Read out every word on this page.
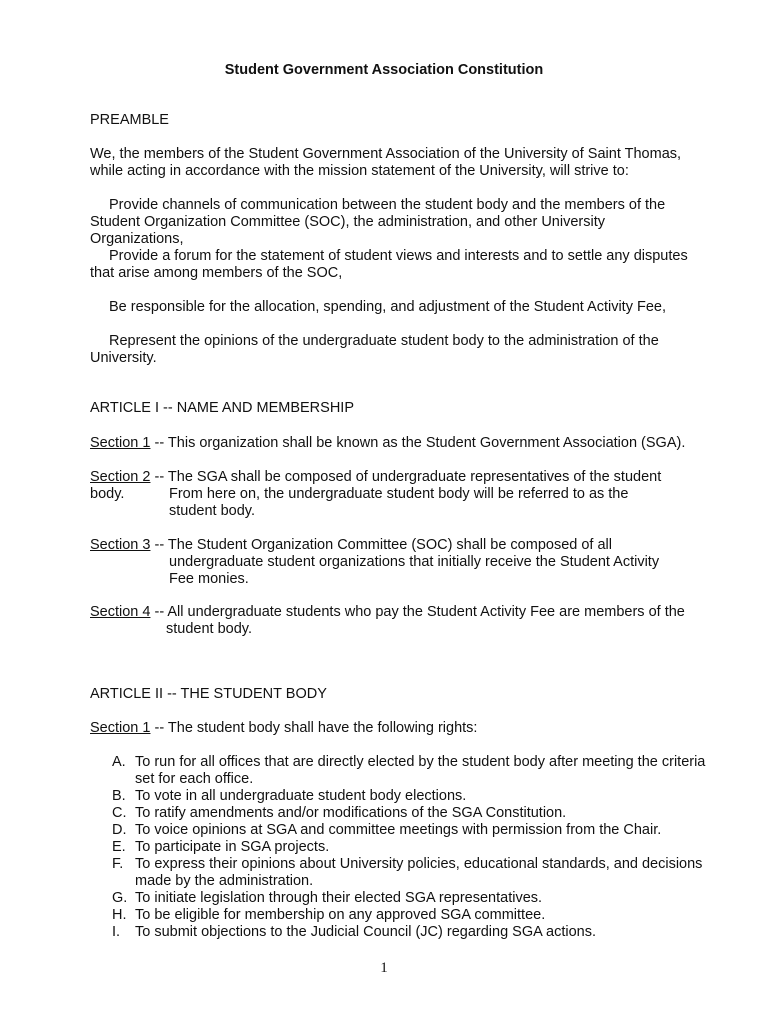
Student Government Association Constitution

PREAMBLE

We, the members of the Student Government Association of the University of Saint Thomas, while acting in accordance with the mission statement of the University, will strive to:

Provide channels of communication between the student body and the members of the Student Organization Committee (SOC), the administration, and other University Organizations,

Provide a forum for the statement of student views and interests and to settle any disputes that arise among members of the SOC,

Be responsible for the allocation, spending, and adjustment of the Student Activity Fee,

Represent the opinions of the undergraduate student body to the administration of the University.

ARTICLE I -- NAME AND MEMBERSHIP

Section 1 -- This organization shall be known as the Student Government Association (SGA).

Section 2 -- The SGA shall be composed of undergraduate representatives of the student body.	From here on, the undergraduate student body will be referred to as the student body.

Section 3 -- The Student Organization Committee (SOC) shall be composed of all

undergraduate student organizations that initially receive the Student Activity Fee monies.

Section 4 -- All undergraduate students who pay the Student Activity Fee are members of the

student body.

ARTICLE II -- THE STUDENT BODY

Section 1 -- The student body shall have the following rights:

A. To run for all offices that are directly elected by the student body after meeting the criteria set for each office.
B. To vote in all undergraduate student body elections.
C. To ratify amendments and/or modifications of the SGA Constitution.
D. To voice opinions at SGA and committee meetings with permission from the Chair.
E. To participate in SGA projects.
F. To express their opinions about University policies, educational standards, and decisions made by the administration.
G. To initiate legislation through their elected SGA representatives.
H. To be eligible for membership on any approved SGA committee.
I. To submit objections to the Judicial Council (JC) regarding SGA actions.

1
